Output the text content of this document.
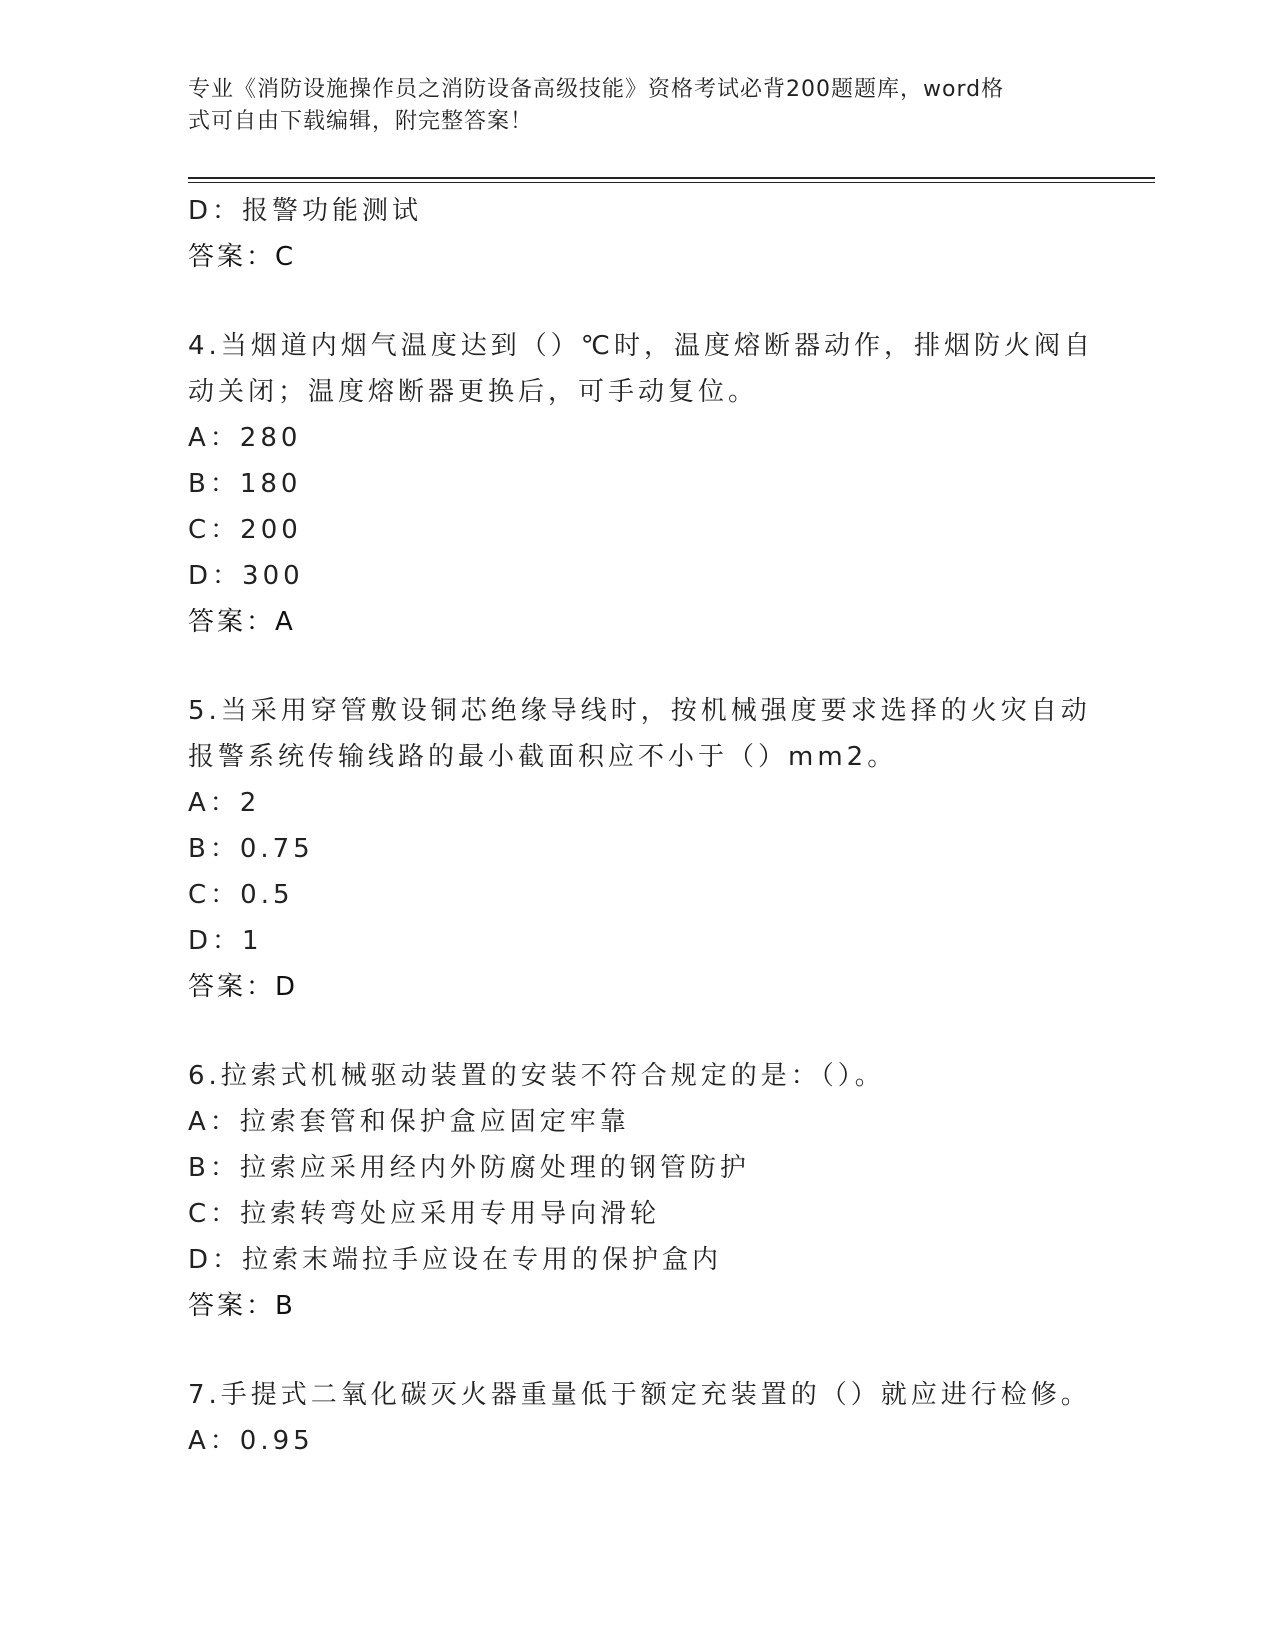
专业《消防设施操作员之消防设备高级技能》资格考试必背200题题库，word格
式可自由下载编辑，附完整答案！
D：报警功能测试
答案：C
4.当烟道内烟气温度达到（）℃时，温度熔断器动作，排烟防火阀自
动关闭；温度熔断器更换后，可手动复位。
A：280
B：180
C：200
D：300
答案：A
5.当采用穿管敷设铜芯绝缘导线时，按机械强度要求选择的火灾自动
报警系统传输线路的最小截面积应不小于（）mm2。
A：2
B：0.75
C：0.5
D：1
答案：D
6.拉索式机械驱动装置的安装不符合规定的是：（）。
A：拉索套管和保护盒应固定牢靠
B：拉索应采用经内外防腐处理的钢管防护
C：拉索转弯处应采用专用导向滑轮
D：拉索末端拉手应设在专用的保护盒内
答案：B
7.手提式二氧化碳灭火器重量低于额定充装置的（）就应进行检修。
A：0.95
